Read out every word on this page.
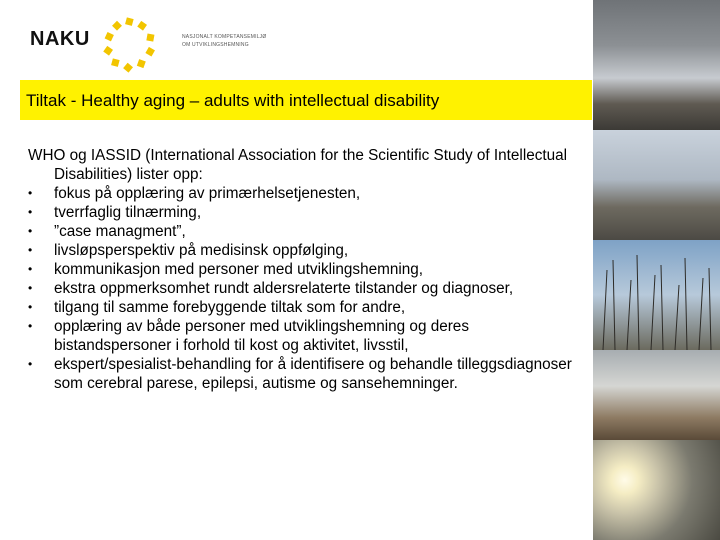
NAKU	NASJONALT KOMPETANSEMILJØ
OM UTVIKLINGSHEMNING
Tiltak - Healthy aging – adults with intellectual disability

WHO og IASSID (International Association for the Scientific Study of Intellectual Disabilities) lister opp:

• fokus på opplæring av primærhelsetjenesten,
• tverrfaglig tilnærming,
• ”case managment”,
• livsløpsperspektiv på medisinsk oppfølging,
• kommunikasjon med personer med utviklingshemning,
• ekstra oppmerksomhet rundt aldersrelaterte tilstander og diagnoser,
• tilgang til samme forebyggende tiltak som for andre,
• opplæring av både personer med utviklingshemning og deres bistandspersoner i forhold til kost og aktivitet, livsstil,
• ekspert/spesialist-behandling for å identifisere og behandle tilleggsdiagnoser som cerebral parese, epilepsi, autisme og sansehemninger.
